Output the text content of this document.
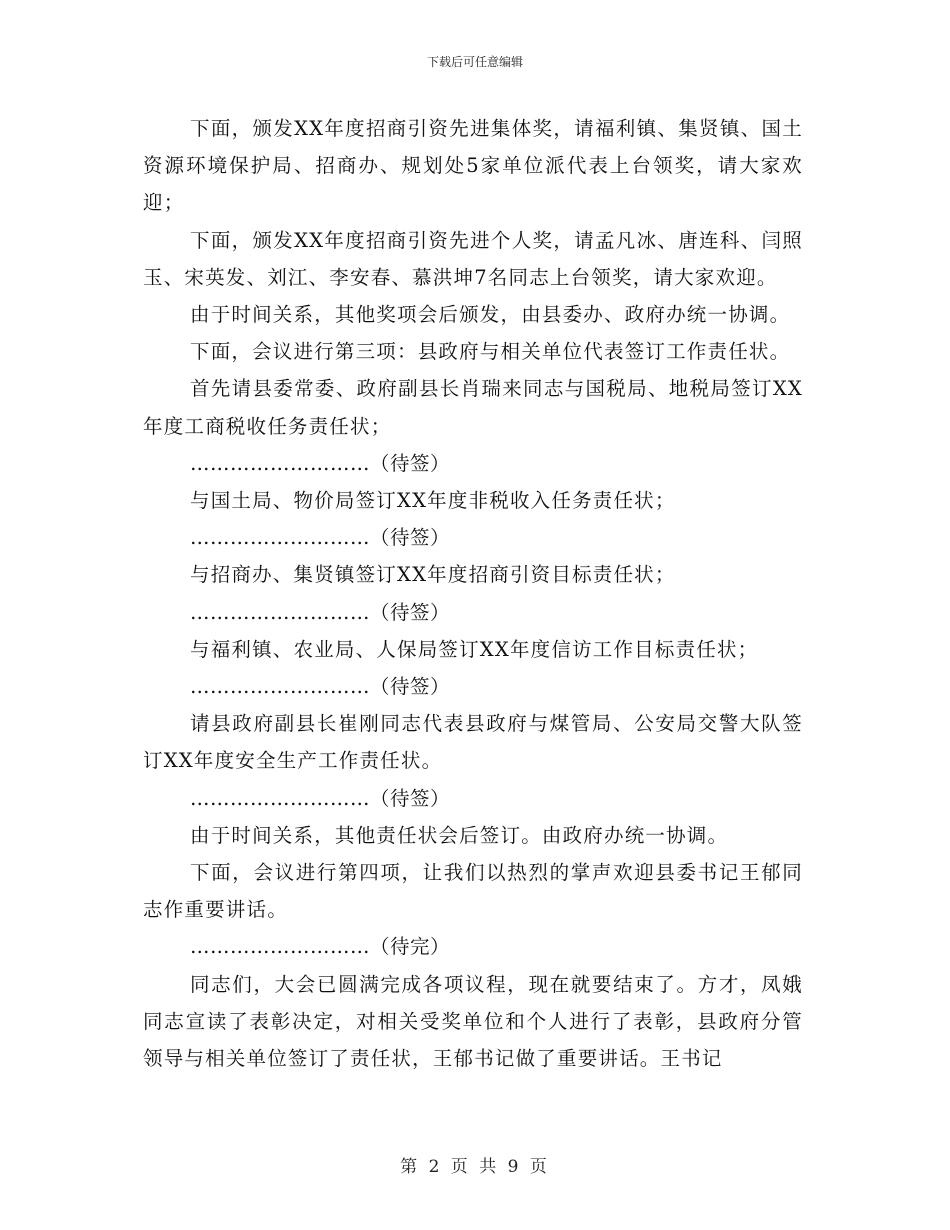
下载后可任意编辑

下面，颁发XX年度招商引资先进集体奖，请福利镇、集贤镇、国土资源环境保护局、招商办、规划处5家单位派代表上台领奖，请大家欢迎；

下面，颁发XX年度招商引资先进个人奖，请孟凡冰、唐连科、闫照玉、宋英发、刘江、李安春、慕洪坤7名同志上台领奖，请大家欢迎。

由于时间关系，其他奖项会后颁发，由县委办、政府办统一协调。

下面，会议进行第三项：县政府与相关单位代表签订工作责任状。

首先请县委常委、政府副县长肖瑞来同志与国税局、地税局签订XX年度工商税收任务责任状；

………………………（待签）

与国土局、物价局签订XX年度非税收入任务责任状；

………………………（待签）

与招商办、集贤镇签订XX年度招商引资目标责任状；

………………………（待签）

与福利镇、农业局、人保局签订XX年度信访工作目标责任状；

………………………（待签）

请县政府副县长崔刚同志代表县政府与煤管局、公安局交警大队签订XX年度安全生产工作责任状。

………………………（待签）

由于时间关系，其他责任状会后签订。由政府办统一协调。

下面，会议进行第四项，让我们以热烈的掌声欢迎县委书记王郁同志作重要讲话。

………………………（待完）

同志们，大会已圆满完成各项议程，现在就要结束了。方才，凤娥同志宣读了表彰决定，对相关受奖单位和个人进行了表彰，县政府分管领导与相关单位签订了责任状，王郁书记做了重要讲话。王书记

第 2 页 共 9 页
